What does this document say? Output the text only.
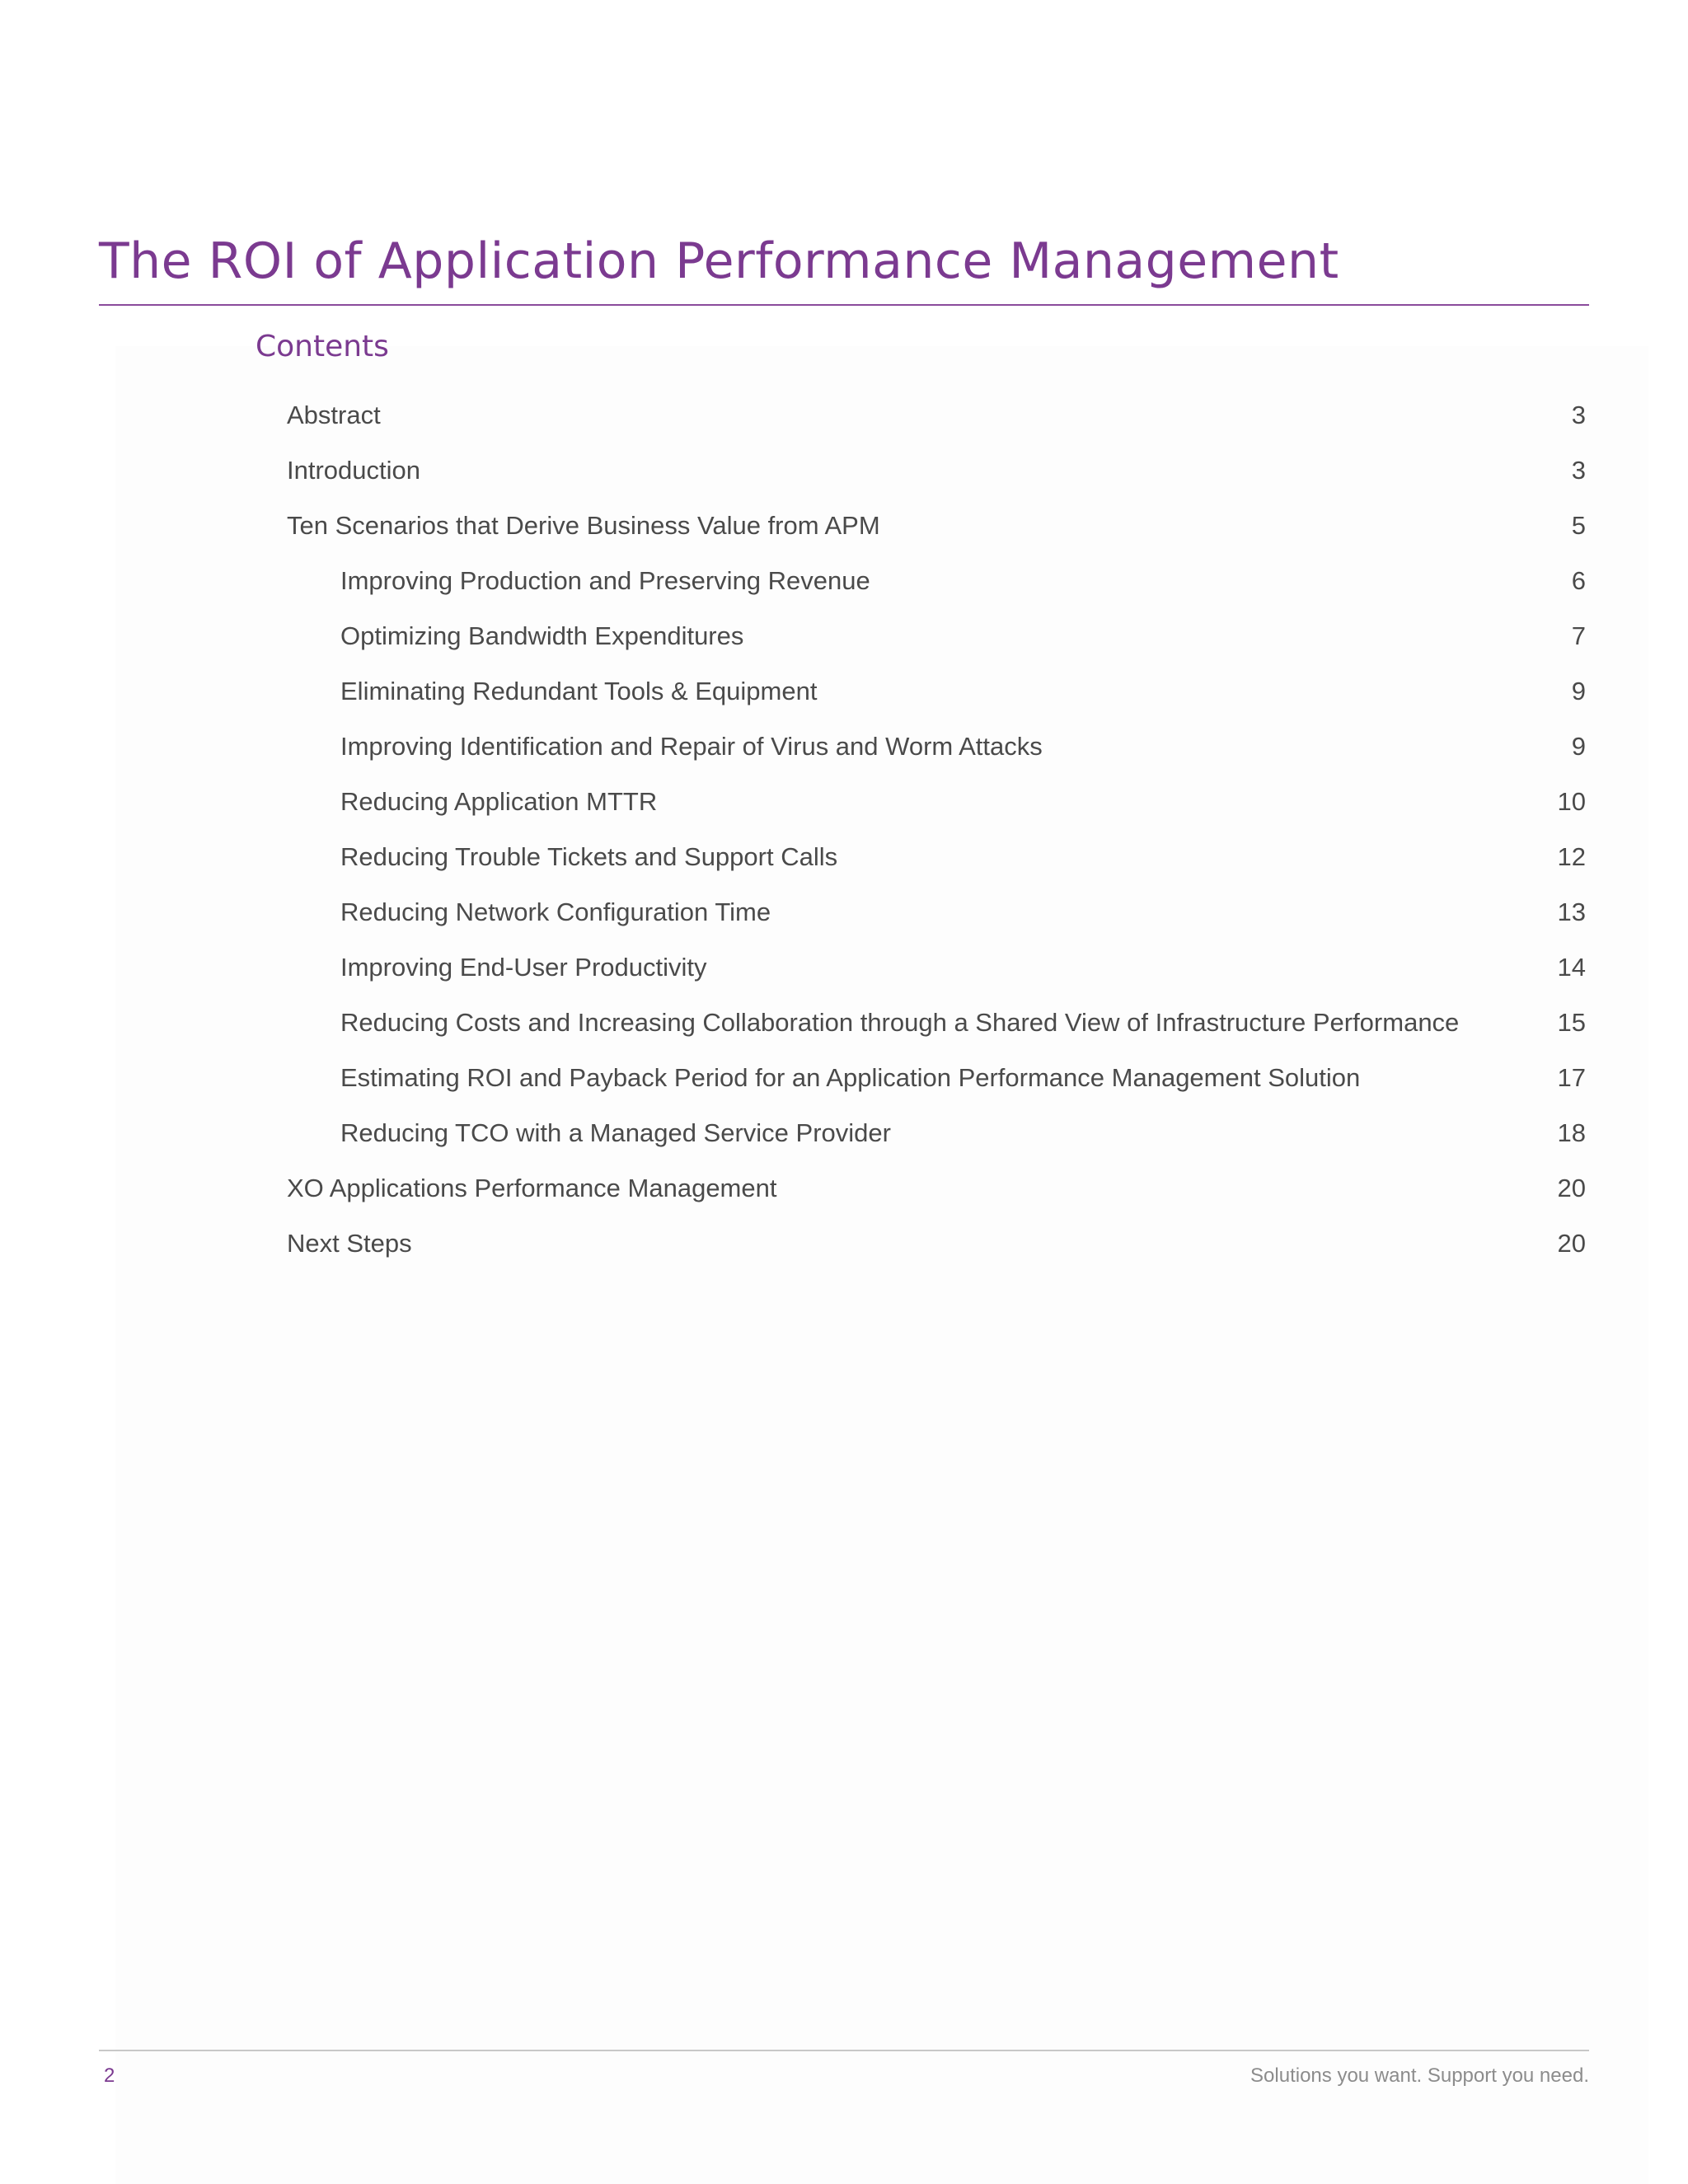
The ROI of Application Performance Management
Contents
Abstract	3
Introduction	3
Ten Scenarios that Derive Business Value from APM	5
Improving Production and Preserving Revenue	6
Optimizing Bandwidth Expenditures	7
Eliminating Redundant Tools & Equipment	9
Improving Identification and Repair of Virus and Worm Attacks	9
Reducing Application MTTR	10
Reducing Trouble Tickets and Support Calls	12
Reducing Network Configuration Time	13
Improving End-User Productivity	14
Reducing Costs and Increasing Collaboration through a Shared View of Infrastructure Performance	15
Estimating ROI and Payback Period for an Application Performance Management Solution	17
Reducing TCO with a Managed Service Provider	18
XO Applications Performance Management	20
Next Steps	20
2	Solutions you want. Support you need.
